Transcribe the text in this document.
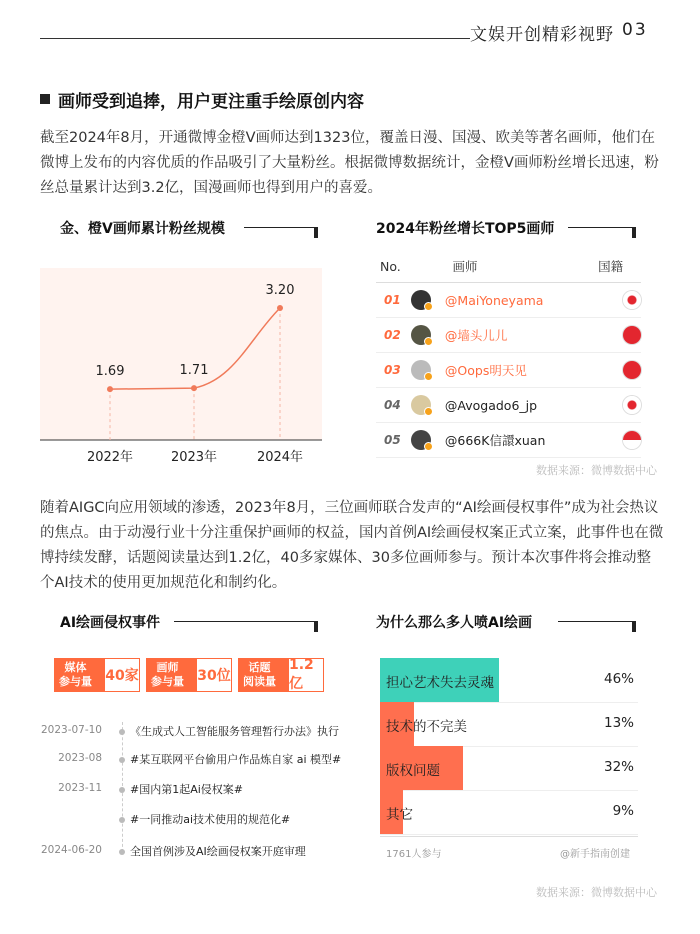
文娱开创精彩视野 03
画师受到追捧，用户更注重手绘原创内容
截至2024年8月，开通微博金橙V画师达到1323位，覆盖日漫、国漫、欧美等著名画师，他们在微博上发布的内容优质的作品吸引了大量粉丝。根据微博数据统计，金橙V画师粉丝增长迅速，粉丝总量累计达到3.2亿，国漫画师也得到用户的喜爱。
金、橙V画师累计粉丝规模
1.69
2022年
1.71
2023年
3.20
2024年
2024年粉丝增长TOP5画师
No.	画师	国籍
01	@MaiYoneyama
02	@墙头儿儿
03	@Oops明天见
04	@Avogado6_jp
05	@666K信譞xuan
数据来源：微博数据中心
随着AIGC向应用领域的渗透，2023年8月，三位画师联合发声的“AI绘画侵权事件”成为社会热议的焦点。由于动漫行业十分注重保护画师的权益，国内首例AI绘画侵权案正式立案，此事件也在微博持续发酵，话题阅读量达到1.2亿，40多家媒体、30多位画师参与。预计本次事件将会推动整个AI技术的使用更加规范化和制约化。
AI绘画侵权事件
媒体
参与量 40家
画师
参与量 30位
话题
阅读量
1.2亿
2023-07-10	《生成式人工智能服务管理暂行办法》执行
2023-08	#某互联网平台偷用户作品炼自家 ai 模型#
2023-11	#国内第1起Ai侵权案#
#一同推动ai技术使用的规范化#
2024-06-20	全国首例涉及AI绘画侵权案开庭审理
为什么那么多人喷AI绘画
担心艺术失去灵魂	46%
技术的不完美	13%
版权问题	32%
其它	9%
1761人参与	@新手指南创建
数据来源：微博数据中心
